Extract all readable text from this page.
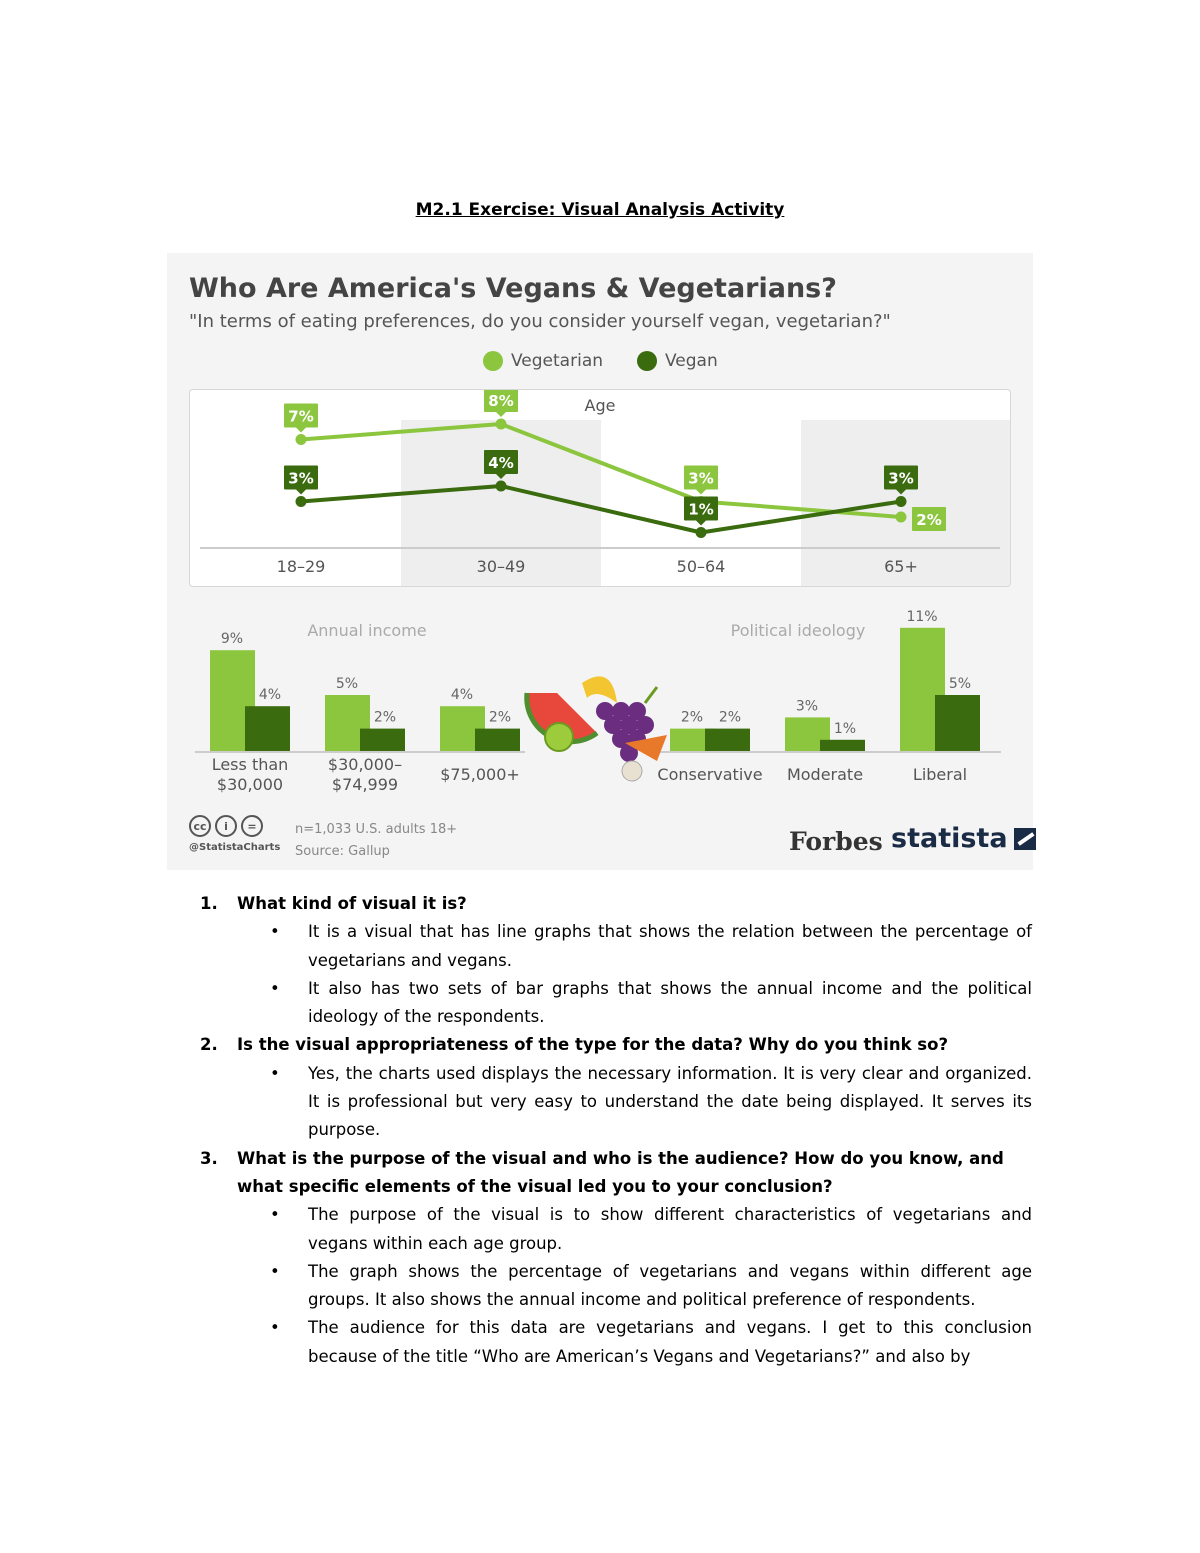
M2.1 Exercise: Visual Analysis Activity
Who Are America's Vegans & Vegetarians?
"In terms of eating preferences, do you consider yourself vegan, vegetarian?"
Vegetarian	Vegan
Age
18–29	30–49	50–64	65+
7%
8%
3%
2%
3%
4%
1%
3%
Annual income
9%
4%
Less than
$30,000
5%
2%
$30,000–
$74,999
4%
2%
$75,000+
Political ideology
2% 2%
Conservative
3%
1%
Moderate
11%
5%
Liberal
cc	i	=
@StatistaCharts
n=1,033 U.S. adults 18+
Source: Gallup	Forbes statista
1. What kind of visual it is?
• It is a visual that has line graphs that shows the relation between the percentage of vegetarians and vegans.
• It also has two sets of bar graphs that shows the annual income and the political ideology of the respondents.
2. Is the visual appropriateness of the type for the data? Why do you think so?
• Yes, the charts used displays the necessary information. It is very clear and organized. It is professional but very easy to understand the date being displayed. It serves its purpose.
3. What is the purpose of the visual and who is the audience? How do you know, and what specific elements of the visual led you to your conclusion?
• The purpose of the visual is to show different characteristics of vegetarians and vegans within each age group.
• The graph shows the percentage of vegetarians and vegans within different age groups. It also shows the annual income and political preference of respondents.
• The audience for this data are vegetarians and vegans. I get to this conclusion because of the title “Who are American’s Vegans and Vegetarians?” and also by
